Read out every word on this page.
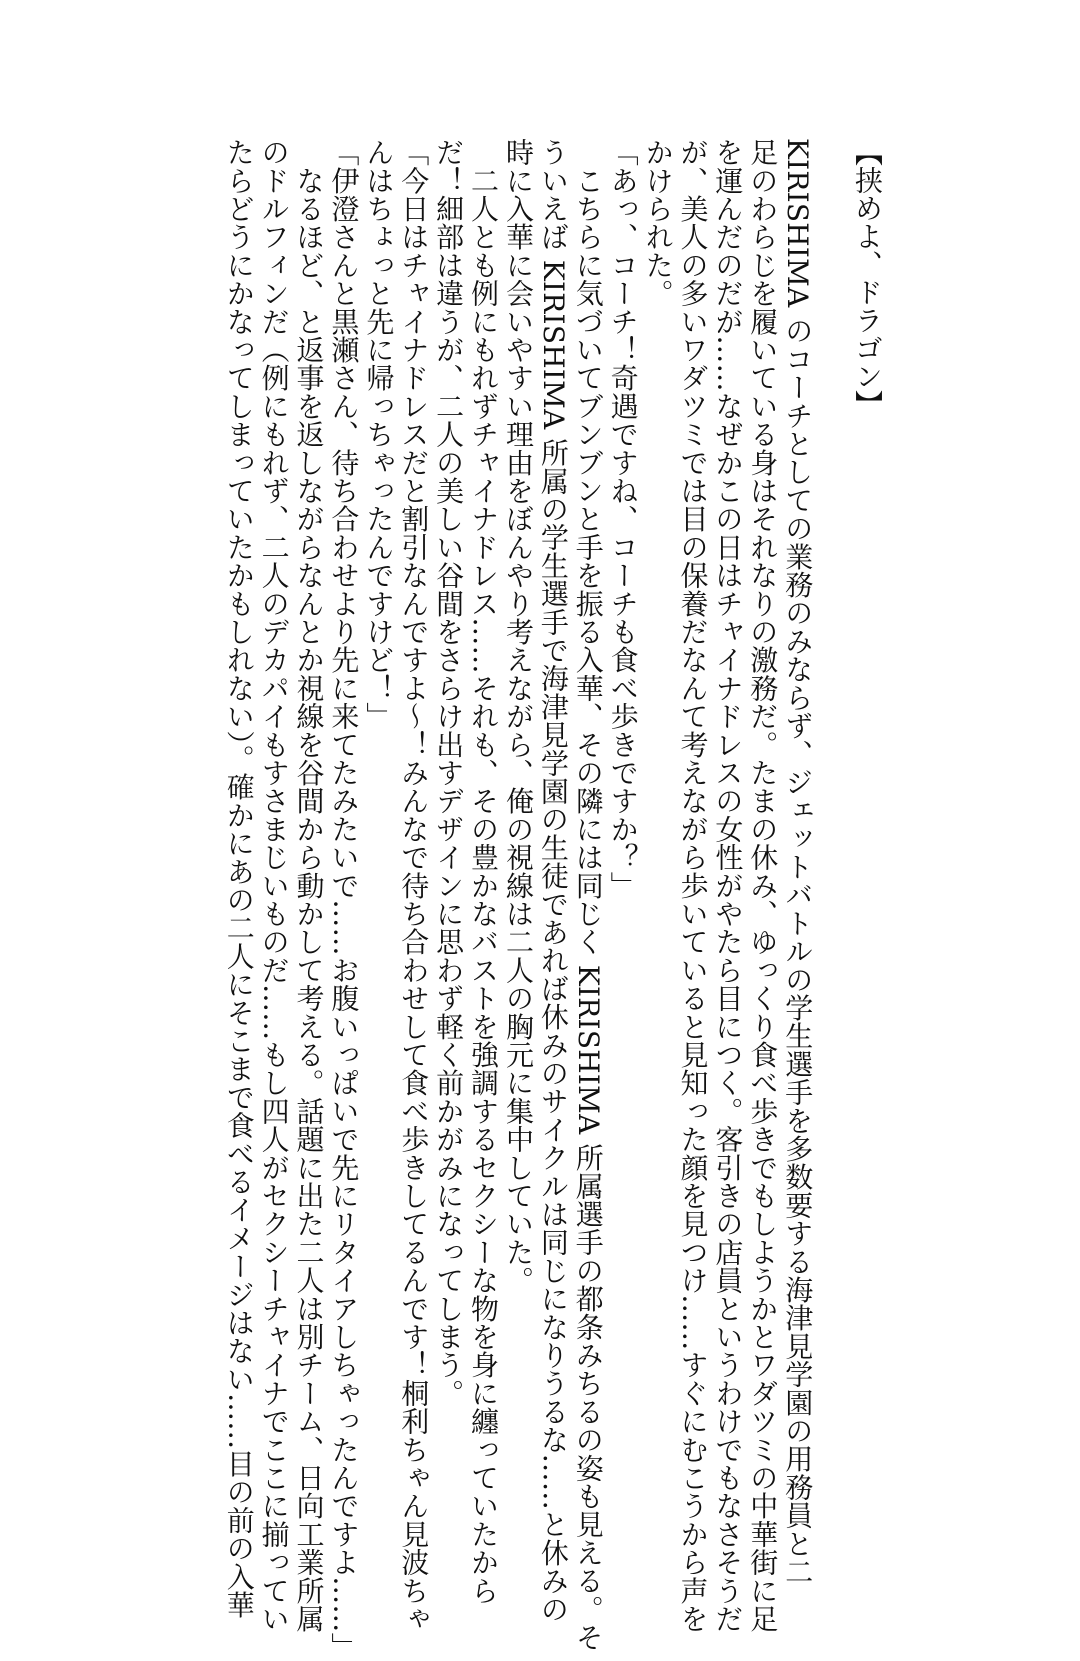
【挟めよ、ドラゴン】
KIRISHIMA のコーチとしての業務のみならず、ジェットバトルの学生選手を多数要する海津見学園の用務員と二
足のわらじを履いている身はそれなりの激務だ。たまの休み、ゆっくり食べ歩きでもしようかとワダツミの中華街に足
を運んだのだが……なぜかこの日はチャイナドレスの女性がやたら目につく。客引きの店員というわけでもなさそうだ
が、美人の多いワダツミでは目の保養だなんて考えながら歩いていると見知った顔を見つけ……すぐにむこうから声を
かけられた。
「あっ、コーチ！奇遇ですね、コーチも食べ歩きですか？」
　こちらに気づいてブンブンと手を振る入華、その隣には同じく KIRISHIMA 所属選手の都条みちるの姿も見える。そ
ういえば KIRISHIMA 所属の学生選手で海津見学園の生徒であれば休みのサイクルは同じになりうるな……と休みの
時に入華に会いやすい理由をぼんやり考えながら、俺の視線は二人の胸元に集中していた。
　二人とも例にもれずチャイナドレス……それも、その豊かなバストを強調するセクシーな物を身に纏っていたから
だ！細部は違うが、二人の美しい谷間をさらけ出すデザインに思わず軽く前かがみになってしまう。
「今日はチャイナドレスだと割引なんですよ～！みんなで待ち合わせして食べ歩きしてるんです！桐利ちゃん見波ちゃ
んはちょっと先に帰っちゃったんですけど！」
「伊澄さんと黒瀬さん、待ち合わせより先に来てたみたいで……お腹いっぱいで先にリタイアしちゃったんですよ……」
　なるほど、と返事を返しながらなんとか視線を谷間から動かして考える。話題に出た二人は別チーム、日向工業所属
のドルフィンだ（例にもれず、二人のデカパイもすさまじいものだ……もし四人がセクシーチャイナでここに揃ってい
たらどうにかなってしまっていたかもしれない）。確かにあの二人にそこまで食べるイメージはない……目の前の入華
